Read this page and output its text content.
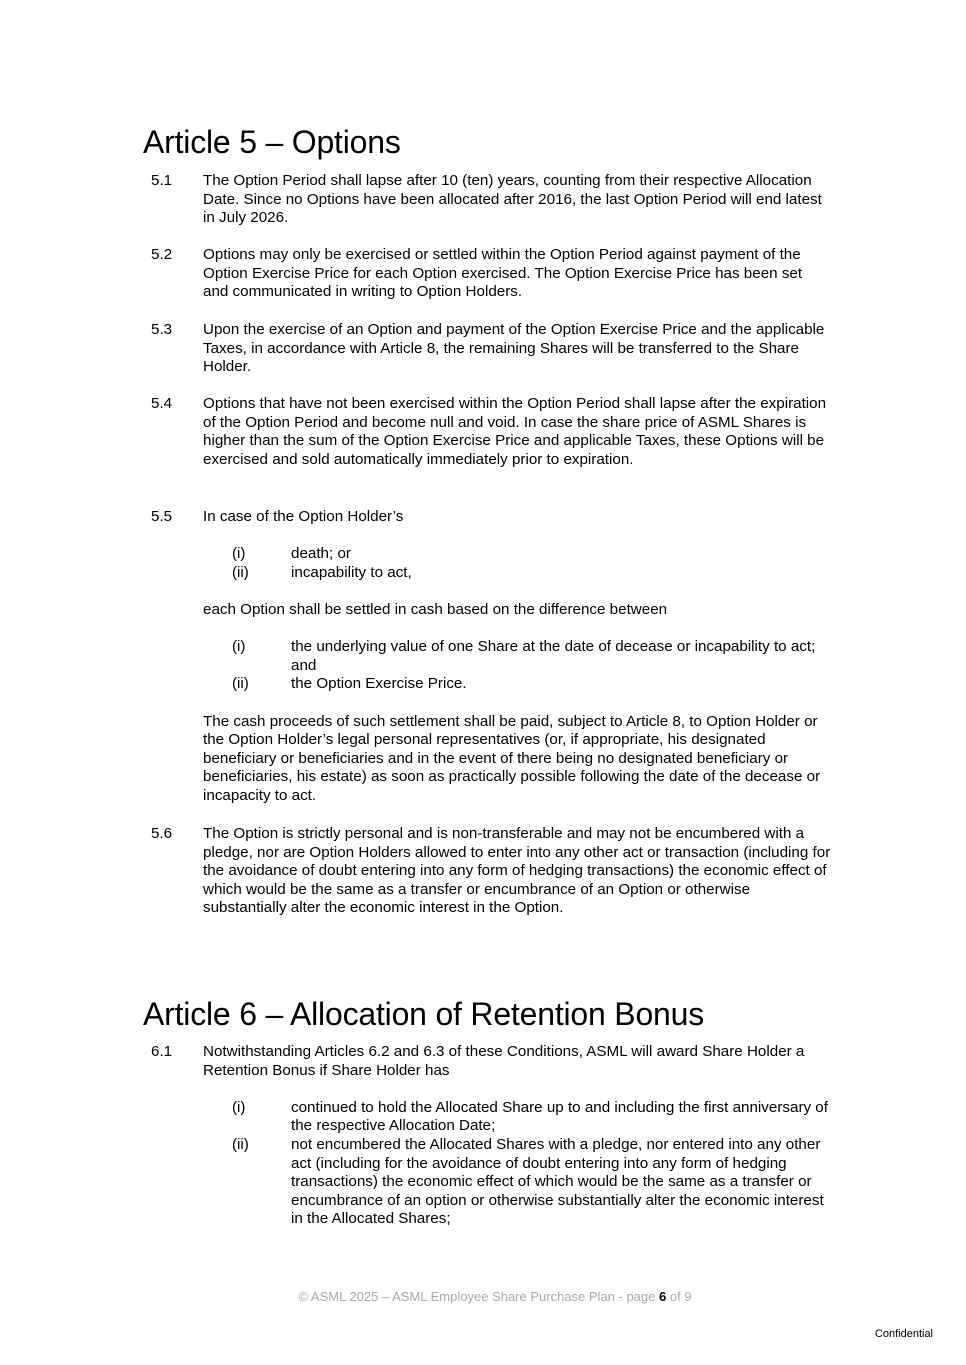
Article 5 – Options
5.1	The Option Period shall lapse after 10 (ten) years, counting from their respective Allocation Date. Since no Options have been allocated after 2016, the last Option Period will end latest in July 2026.

5.2	Options may only be exercised or settled within the Option Period against payment of the Option Exercise Price for each Option exercised. The Option Exercise Price has been set and communicated in writing to Option Holders.

5.3	Upon the exercise of an Option and payment of the Option Exercise Price and the applicable Taxes, in accordance with Article 8, the remaining Shares will be transferred to the Share Holder.

5.4	Options that have not been exercised within the Option Period shall lapse after the expiration of the Option Period and become null and void. In case the share price of ASML Shares is higher than the sum of the Option Exercise Price and applicable Taxes, these Options will be exercised and sold automatically immediately prior to expiration.

5.5	In case of the Option Holder’s

(i)	death; or
(ii)	incapability to act,

each Option shall be settled in cash based on the difference between

(i)	the underlying value of one Share at the date of decease or incapability to act; and
(ii)	the Option Exercise Price.

The cash proceeds of such settlement shall be paid, subject to Article 8, to Option Holder or the Option Holder’s legal personal representatives (or, if appropriate, his designated beneficiary or beneficiaries and in the event of there being no designated beneficiary or beneficiaries, his estate) as soon as practically possible following the date of the decease or incapacity to act.

5.6	The Option is strictly personal and is non-transferable and may not be encumbered with a pledge, nor are Option Holders allowed to enter into any other act or transaction (including for the avoidance of doubt entering into any form of hedging transactions) the economic effect of which would be the same as a transfer or encumbrance of an Option or otherwise substantially alter the economic interest in the Option.

Article 6 – Allocation of Retention Bonus
6.1	Notwithstanding Articles 6.2 and 6.3 of these Conditions, ASML will award Share Holder a Retention Bonus if Share Holder has

(i)	continued to hold the Allocated Share up to and including the first anniversary of the respective Allocation Date;
(ii)	not encumbered the Allocated Shares with a pledge, nor entered into any other act (including for the avoidance of doubt entering into any form of hedging transactions) the economic effect of which would be the same as a transfer or encumbrance of an option or otherwise substantially alter the economic interest in the Allocated Shares;
© ASML 2025 – ASML Employee Share Purchase Plan - page 6 of 9
Confidential
